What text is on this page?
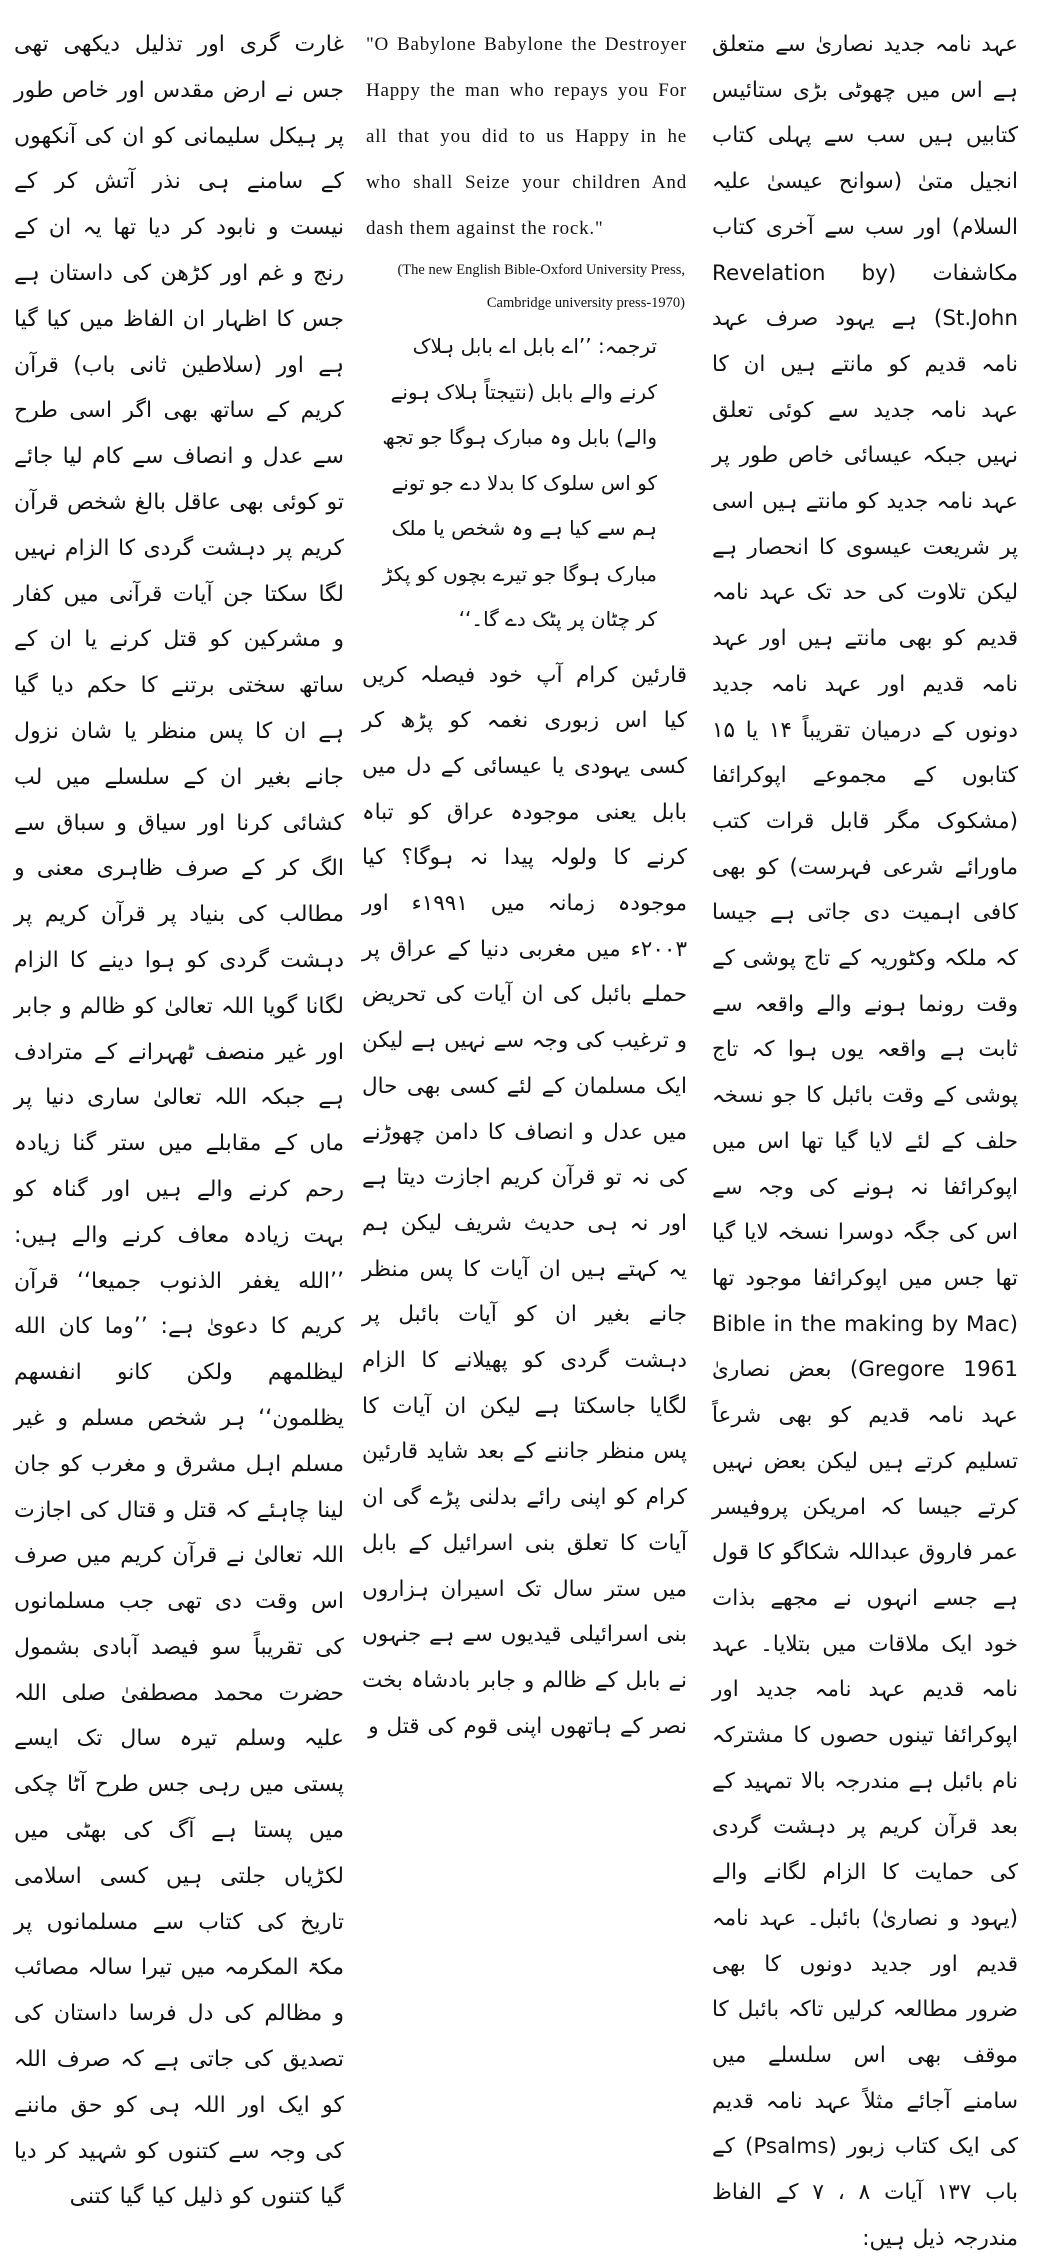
عہد نامہ جدید نصاریٰ سے متعلق ہے اس میں چھوٹی بڑی ستائیس کتابیں ہیں سب سے پہلی کتاب انجیل متیٰ (سوانح عیسیٰ علیہ السلام) اور سب سے آخری کتاب مکاشفات (Revelation by St.John) ہے یہود صرف عہد نامہ قدیم کو مانتے ہیں ان کا عہد نامہ جدید سے کوئی تعلق نہیں جبکہ عیسائی خاص طور پر عہد نامہ جدید کو مانتے ہیں اسی پر شریعت عیسوی کا انحصار ہے لیکن تلاوت کی حد تک عہد نامہ قدیم کو بھی مانتے ہیں اور عہد نامہ قدیم اور عہد نامہ جدید دونوں کے درمیان تقریباً ۱۴ یا ۱۵ کتابوں کے مجموعے اپوکرائفا (مشکوک مگر قابل قرات کتب ماورائے شرعی فہرست) کو بھی کافی اہمیت دی جاتی ہے جیسا کہ ملکہ وکٹوریہ کے تاج پوشی کے وقت رونما ہونے والے واقعہ سے ثابت ہے واقعہ یوں ہوا کہ تاج پوشی کے وقت بائبل کا جو نسخہ حلف کے لئے لایا گیا تھا اس میں اپوکرائفا نہ ہونے کی وجہ سے اس کی جگہ دوسرا نسخہ لایا گیا تھا جس میں اپوکرائفا موجود تھا (Bible in the making by Mac Gregore 1961) بعض نصاریٰ عہد نامہ قدیم کو بھی شرعاً تسلیم کرتے ہیں لیکن بعض نہیں کرتے جیسا کہ امریکن پروفیسر عمر فاروق عبداللہ شکاگو کا قول ہے جسے انہوں نے مجھے بذات خود ایک ملاقات میں بتلایا۔ عہد نامہ قدیم عہد نامہ جدید اور اپوکرائفا تینوں حصوں کا مشترکہ نام بائبل ہے مندرجہ بالا تمہید کے بعد قرآن کریم پر دہشت گردی کی حمایت کا الزام لگانے والے (یہود و نصاریٰ) بائبل۔ عہد نامہ قدیم اور جدید دونوں کا بھی ضرور مطالعہ کرلیں تاکہ بائبل کا موقف بھی اس سلسلے میں سامنے آجائے مثلاً عہد نامہ قدیم کی ایک کتاب زبور (Psalms) کے باب ۱۳۷ آیات ۸ ، ۷ کے الفاظ مندرجہ ذیل ہیں:

"O Babylone Babylone the Destroyer Happy the man who repays you For all that you did to us Happy in he who shall Seize your children And dash them against the rock."

(The new English Bible-Oxford University Press, Cambridge university press-1970)

ترجمہ: ’’اے بابل اے بابل ہلاک کرنے والے بابل (نتیجتاً ہلاک ہونے والے) بابل وہ مبارک ہوگا جو تجھ کو اس سلوک کا بدلا دے جو تونے ہم سے کیا ہے وہ شخص یا ملک مبارک ہوگا جو تیرے بچوں کو پکڑ کر چٹان پر پٹک دے گا۔‘‘

قارئین کرام آپ خود فیصلہ کریں کیا اس زبوری نغمہ کو پڑھ کر کسی یہودی یا عیسائی کے دل میں بابل یعنی موجودہ عراق کو تباہ کرنے کا ولولہ پیدا نہ ہوگا؟ کیا موجودہ زمانہ میں ۱۹۹۱ء اور ۲۰۰۳ء میں مغربی دنیا کے عراق پر حملے بائبل کی ان آیات کی تحریض و ترغیب کی وجہ سے نہیں ہے لیکن ایک مسلمان کے لئے کسی بھی حال میں عدل و انصاف کا دامن چھوڑنے کی نہ تو قرآن کریم اجازت دیتا ہے اور نہ ہی حدیث شریف لیکن ہم یہ کہتے ہیں ان آیات کا پس منظر جانے بغیر ان کو آیات بائبل پر دہشت گردی کو پھیلانے کا الزام لگایا جاسکتا ہے لیکن ان آیات کا پس منظر جاننے کے بعد شاید قارئین کرام کو اپنی رائے بدلنی پڑے گی ان آیات کا تعلق بنی اسرائیل کے بابل میں ستر سال تک اسیران ہزاروں بنی اسرائیلی قیدیوں سے ہے جنہوں نے بابل کے ظالم و جابر بادشاہ بخت نصر کے ہاتھوں اپنی قوم کی قتل و

غارت گری اور تذلیل دیکھی تھی جس نے ارض مقدس اور خاص طور پر ہیکل سلیمانی کو ان کی آنکھوں کے سامنے ہی نذر آتش کر کے نیست و نابود کر دیا تھا یہ ان کے رنج و غم اور کڑھن کی داستان ہے جس کا اظہار ان الفاظ میں کیا گیا ہے اور (سلاطین ثانی باب) قرآن کریم کے ساتھ بھی اگر اسی طرح سے عدل و انصاف سے کام لیا جائے تو کوئی بھی عاقل بالغ شخص قرآن کریم پر دہشت گردی کا الزام نہیں لگا سکتا جن آیات قرآنی میں کفار و مشرکین کو قتل کرنے یا ان کے ساتھ سختی برتنے کا حکم دیا گیا ہے ان کا پس منظر یا شان نزول جانے بغیر ان کے سلسلے میں لب کشائی کرنا اور سیاق و سباق سے الگ کر کے صرف ظاہری معنی و مطالب کی بنیاد پر قرآن کریم پر دہشت گردی کو ہوا دینے کا الزام لگانا گویا اللہ تعالیٰ کو ظالم و جابر اور غیر منصف ٹھہرانے کے مترادف ہے جبکہ اللہ تعالیٰ ساری دنیا پر ماں کے مقابلے میں ستر گنا زیادہ رحم کرنے والے ہیں اور گناہ کو بہت زیادہ معاف کرنے والے ہیں: ’’الله يغفر الذنوب جميعا‘‘ قرآن کریم کا دعویٰ ہے: ’’وما كان الله ليظلمهم ولكن كانو انفسهم يظلمون‘‘ ہر شخص مسلم و غیر مسلم اہل مشرق و مغرب کو جان لینا چاہئے کہ قتل و قتال کی اجازت اللہ تعالیٰ نے قرآن کریم میں صرف اس وقت دی تھی جب مسلمانوں کی تقریباً سو فیصد آبادی بشمول حضرت محمد مصطفیٰ صلی اللہ علیہ وسلم تیرہ سال تک ایسے پستی میں رہی جس طرح آٹا چکی میں پستا ہے آگ کی بھٹی میں لکڑیاں جلتی ہیں کسی اسلامی تاریخ کی کتاب سے مسلمانوں پر مکۃ المکرمہ میں تیرا سالہ مصائب و مظالم کی دل فرسا داستان کی تصدیق کی جاتی ہے کہ صرف اللہ کو ایک اور اللہ ہی کو حق ماننے کی وجہ سے کتنوں کو شہید کر دیا گیا کتنوں کو ذلیل کیا گیا کتنی
